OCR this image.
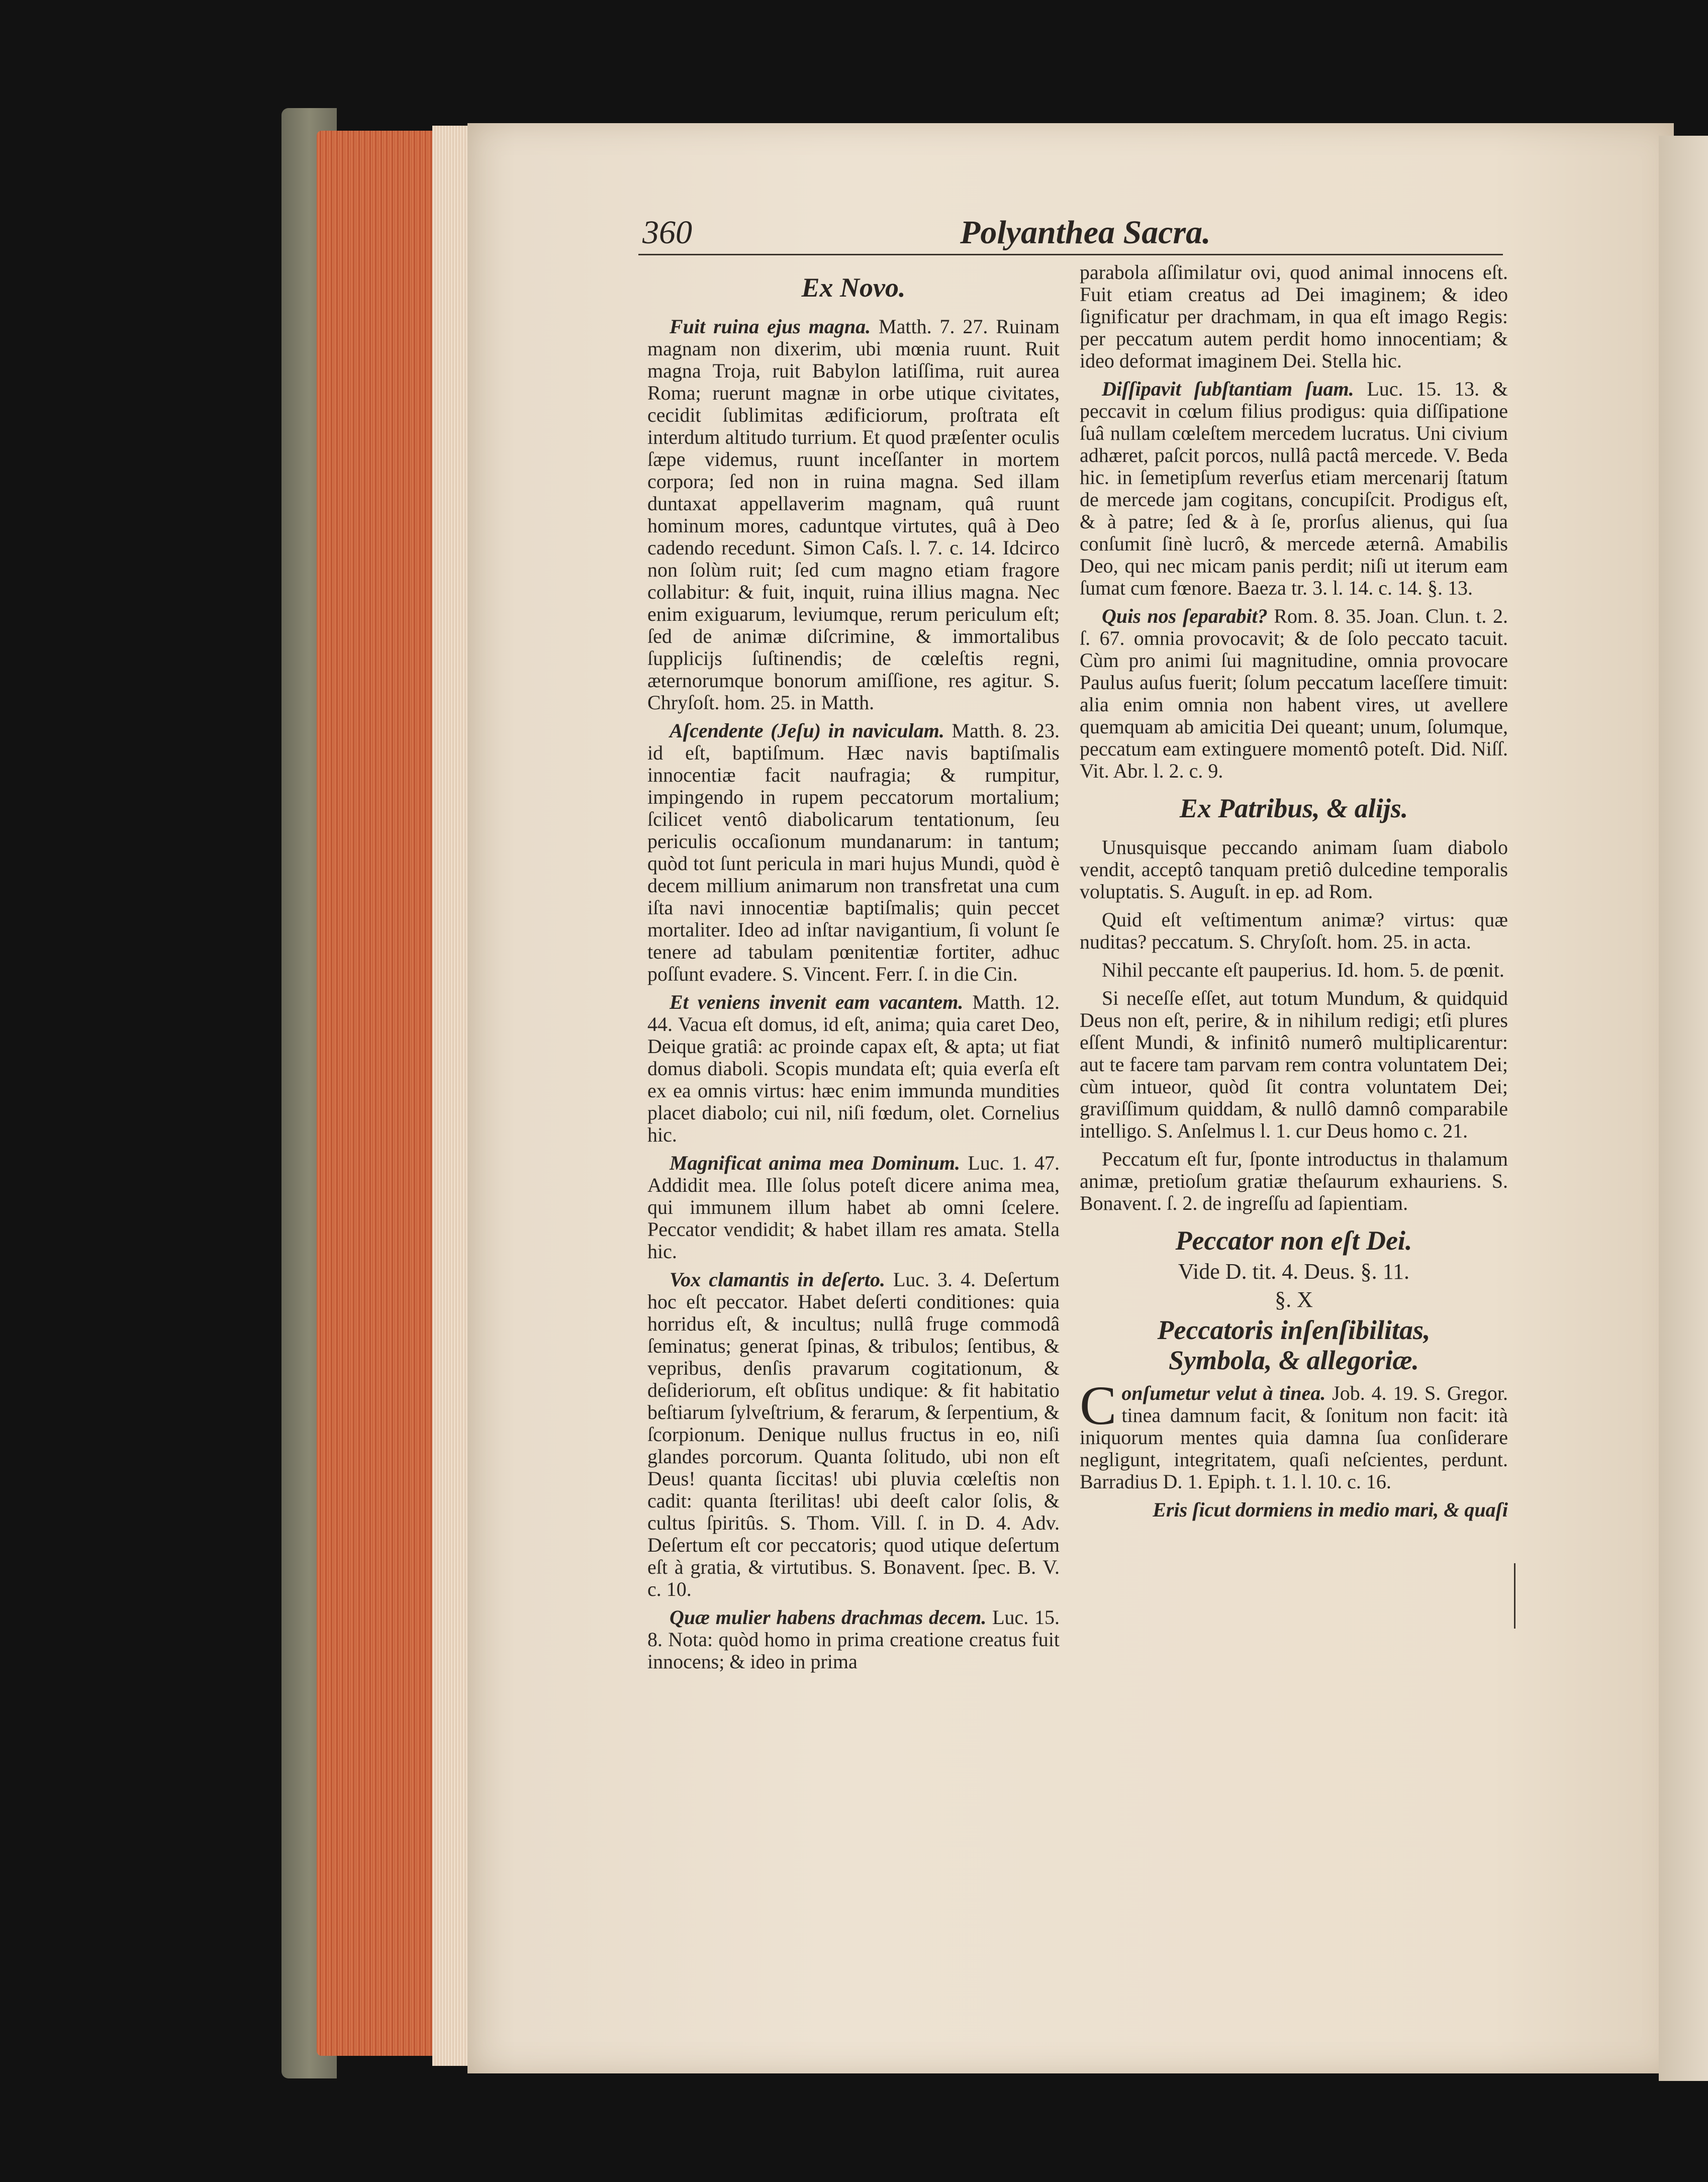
360	Polyanthea Sacra.
Ex Novo.

Fuit ruina ejus magna. Matth. 7. 27. Ruinam magnam non dixerim, ubi mœnia ruunt. Ruit magna Troja, ruit Babylon latiſſima, ruit aurea Roma; ruerunt magnæ in orbe utique civitates, cecidit ſublimitas ædificiorum, proſtrata eſt interdum altitudo turrium. Et quod præſenter oculis ſæpe videmus, ruunt inceſſanter in mortem corpora; ſed non in ruina magna. Sed illam duntaxat appellaverim magnam, quâ ruunt hominum mores, caduntque virtutes, quâ à Deo cadendo recedunt. Simon Caſs. l. 7. c. 14. Idcirco non ſolùm ruit; ſed cum magno etiam fragore collabitur: & fuit, inquit, ruina illius magna. Nec enim exiguarum, leviumque, rerum periculum eſt; ſed de animæ diſcrimine, & immortalibus ſupplicijs ſuſtinendis; de cœleſtis regni, æternorumque bonorum amiſſione, res agitur. S. Chryſoſt. hom. 25. in Matth.

Aſcendente (Jeſu) in naviculam. Matth. 8. 23. id eſt, baptiſmum. Hæc navis baptiſmalis innocentiæ facit naufragia; & rumpitur, impingendo in rupem peccatorum mortalium; ſcilicet ventô diabolicarum tentationum, ſeu periculis occaſionum mundanarum: in tantum; quòd tot ſunt pericula in mari hujus Mundi, quòd è decem millium animarum non transfretat una cum iſta navi innocentiæ baptiſmalis; quin peccet mortaliter. Ideo ad inſtar navigantium, ſi volunt ſe tenere ad tabulam pœnitentiæ fortiter, adhuc poſſunt evadere. S. Vincent. Ferr. ſ. in die Cin.

Et veniens invenit eam vacantem. Matth. 12. 44. Vacua eſt domus, id eſt, anima; quia caret Deo, Deique gratiâ: ac proinde capax eſt, & apta; ut fiat domus diaboli. Scopis mundata eſt; quia everſa eſt ex ea omnis virtus: hæc enim immunda mundities placet diabolo; cui nil, niſi fœdum, olet. Cornelius hic.

Magnificat anima mea Dominum. Luc. 1. 47. Addidit mea. Ille ſolus poteſt dicere anima mea, qui immunem illum habet ab omni ſcelere. Peccator vendidit; & habet illam res amata. Stella hic.

Vox clamantis in deſerto. Luc. 3. 4. Deſertum hoc eſt peccator. Habet deſerti conditiones: quia horridus eſt, & incultus; nullâ fruge commodâ ſeminatus; generat ſpinas, & tribulos; ſentibus, & vepribus, denſis pravarum cogitationum, & deſideriorum, eſt obſitus undique: & fit habitatio beſtiarum ſylveſtrium, & ferarum, & ſerpentium, & ſcorpionum. Denique nullus fructus in eo, niſi glandes porcorum. Quanta ſolitudo, ubi non eſt Deus! quanta ſiccitas! ubi pluvia cœleſtis non cadit: quanta ſterilitas! ubi deeſt calor ſolis, & cultus ſpiritûs. S. Thom. Vill. ſ. in D. 4. Adv. Deſertum eſt cor peccatoris; quod utique deſertum eſt à gratia, & virtutibus. S. Bonavent. ſpec. B. V. c. 10.

Quæ mulier habens drachmas decem. Luc. 15. 8. Nota: quòd homo in prima creatione creatus fuit innocens; & ideo in prima

parabola aſſimilatur ovi, quod animal innocens eſt. Fuit etiam creatus ad Dei imaginem; & ideo ſignificatur per drachmam, in qua eſt imago Regis: per peccatum autem perdit homo innocentiam; & ideo deformat imaginem Dei. Stella hic.

Diſſipavit ſubſtantiam ſuam. Luc. 15. 13. & peccavit in cœlum filius prodigus: quia diſſipatione ſuâ nullam cœleſtem mercedem lucratus. Uni civium adhæret, paſcit porcos, nullâ pactâ mercede. V. Beda hic. in ſemetipſum reverſus etiam mercenarij ſtatum de mercede jam cogitans, concupiſcit. Prodigus eſt, & à patre; ſed & à ſe, prorſus alienus, qui ſua conſumit ſinè lucrô, & mercede æternâ. Amabilis Deo, qui nec micam panis perdit; niſi ut iterum eam ſumat cum fœnore. Baeza tr. 3. l. 14. c. 14. §. 13.

Quis nos ſeparabit? Rom. 8. 35. Joan. Clun. t. 2. ſ. 67. omnia provocavit; & de ſolo peccato tacuit. Cùm pro animi ſui magnitudine, omnia provocare Paulus auſus fuerit; ſolum peccatum laceſſere timuit: alia enim omnia non habent vires, ut avellere quemquam ab amicitia Dei queant; unum, ſolumque, peccatum eam extinguere momentô poteſt. Did. Niſſ. Vit. Abr. l. 2. c. 9.

Ex Patribus, & alijs.

Unusquisque peccando animam ſuam diabolo vendit, acceptô tanquam pretiô dulcedine temporalis voluptatis. S. Auguſt. in ep. ad Rom.

Quid eſt veſtimentum animæ? virtus: quæ nuditas? peccatum. S. Chryſoſt. hom. 25. in acta.

Nihil peccante eſt pauperius. Id. hom. 5. de pœnit.

Si neceſſe eſſet, aut totum Mundum, & quidquid Deus non eſt, perire, & in nihilum redigi; etſi plures eſſent Mundi, & infinitô numerô multiplicarentur: aut te facere tam parvam rem contra voluntatem Dei; cùm intueor, quòd ſit contra voluntatem Dei; graviſſimum quiddam, & nullô damnô comparabile intelligo. S. Anſelmus l. 1. cur Deus homo c. 21.

Peccatum eſt fur, ſponte introductus in thalamum animæ, pretioſum gratiæ theſaurum exhauriens. S. Bonavent. ſ. 2. de ingreſſu ad ſapientiam.

Peccator non eſt Dei.
Vide D. tit. 4. Deus. §. 11.
§. X
Peccatoris inſenſibilitas,
Symbola, & allegoriæ.

C onſumetur velut à tinea. Job. 4. 19. S. Gregor. tinea damnum facit, & ſonitum non facit: ità iniquorum mentes quia damna ſua conſiderare negligunt, integritatem, quaſi neſcientes, perdunt. Barradius D. 1. Epiph. t. 1. l. 10. c. 16.

Eris ſicut dormiens in medio mari, & quaſi
